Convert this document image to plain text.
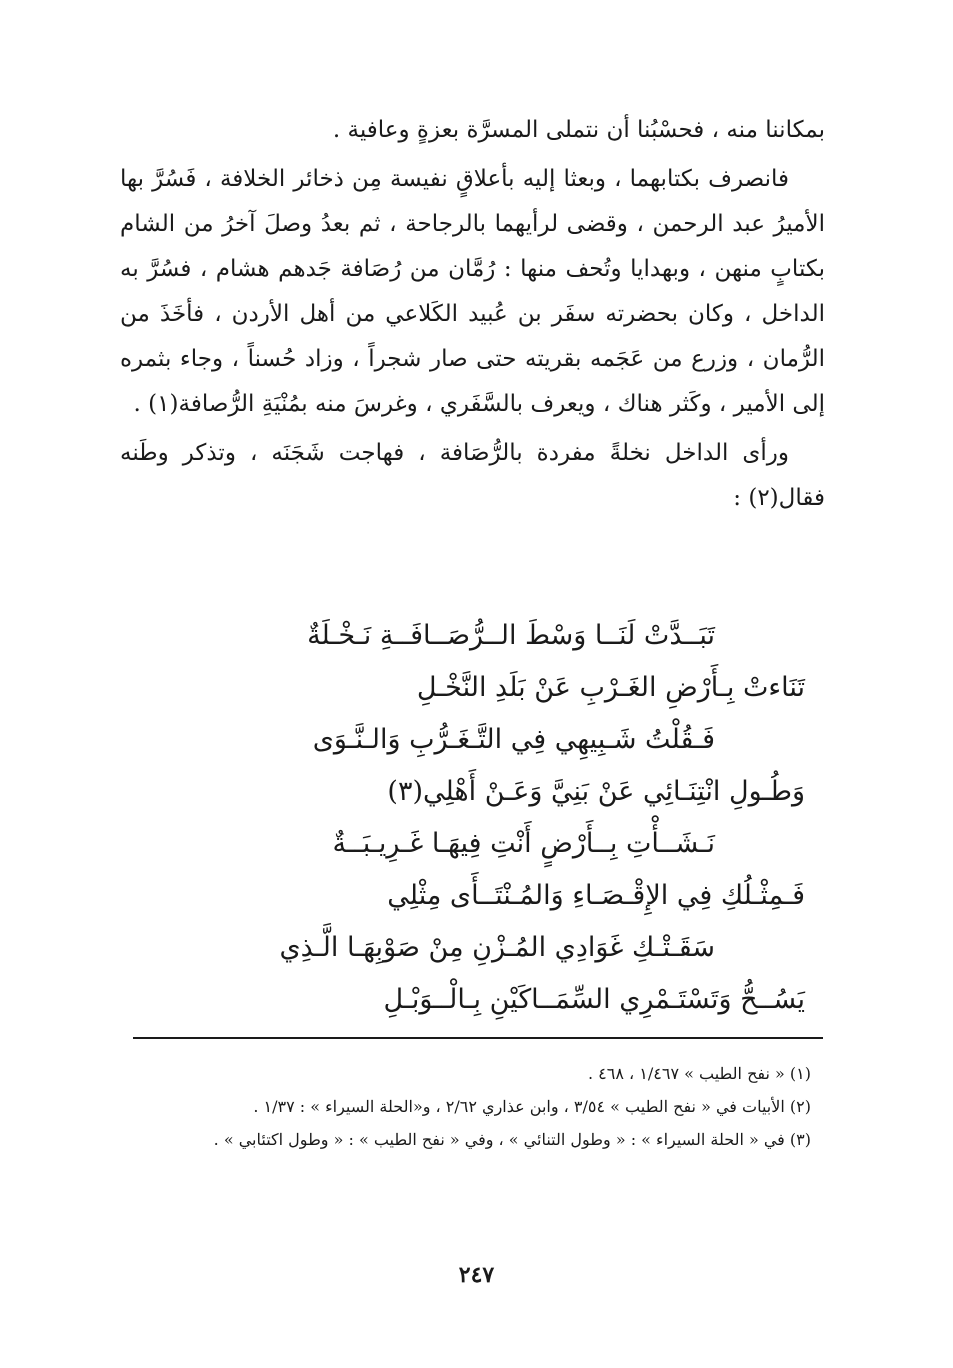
بمكاننا منه ، فحسْبُنا أن نتملى المسرَّة بعزةٍ وعافية .

فانصرف بكتابهما ، وبعثا إليه بأعلاقٍ نفيسة مِن ذخائر الخلافة ، فَسُرَّ بها الأميرُ عبد الرحمن ، وقضى لرأيهما بالرجاحة ، ثم بعدُ وصلَ آخرُ من الشام بكتابٍ منهن ، وبهدايا وتُحف منها : رُمَّان من رُصَافة جَدهم هشام ، فسُرَّ به الداخل ، وكان بحضرته سفَر بن عُبيد الكَلاعي من أهل الأردن ، فأخَذَ من الرُّمان ، وزرع من عَجَمه بقريته حتى صار شجراً ، وزاد حُسناً ، وجاء بثمره إلى الأمير ، وكَثر هناك ، ويعرف بالسَّفَري ، وغرسَ منه بمُنْيَةِ الرُّصافة(١) .

ورأى الداخل نخلةً مفردة بالرُّصَافة ، فهاجت شَجَنَه ، وتذكر وطَنه فقال(٢) :

تَبَــدَّتْ لَنَــا وَسْطَ الــرُّصَــافَــةِ نَـخْـلَةٌ
تَنَاءتْ بِـأَرْضِ الغَـرْبِ عَنْ بَلَدِ النَّخْـلِ
فَـقُلْتُ شَـبِيهِي فِي التَّـغَـرُّبِ وَالـنَّـوَى
وَطُـولِ انْتِنَـائِي عَنْ بَنِيَّ وَعَـنْ أَهْلِي(٣)
نَـشَــأْتِ بِــأَرْضٍ أَنْتِ فِيهَـا غَـرِيـبَــةٌ
فَـمِثْـلُكِ فِي الإِقْـصَـاءِ وَالمُـنْتَــأَى مِثْلِي
سَقَـتْـكِ غَوَادِي المُـزْنِ مِنْ صَوْبِهَـا الَّـذِي
يَسُــحُّ وَتَسْتَـمْرِي السِّمَــاكَيْنِ بِـالْــوَبْـلِ

(١) « نفح الطيب » ١/٤٦٧ ، ٤٦٨ .

(٢) الأبيات في « نفح الطيب » ٣/٥٤ ، وابن عذاري ٢/٦٢ ، و«الحلة السيراء » : ١/٣٧ .

(٣) في « الحلة السيراء » : « وطول التنائي » ، وفي « نفح الطيب » : « وطول اكتئابي » .

٢٤٧
